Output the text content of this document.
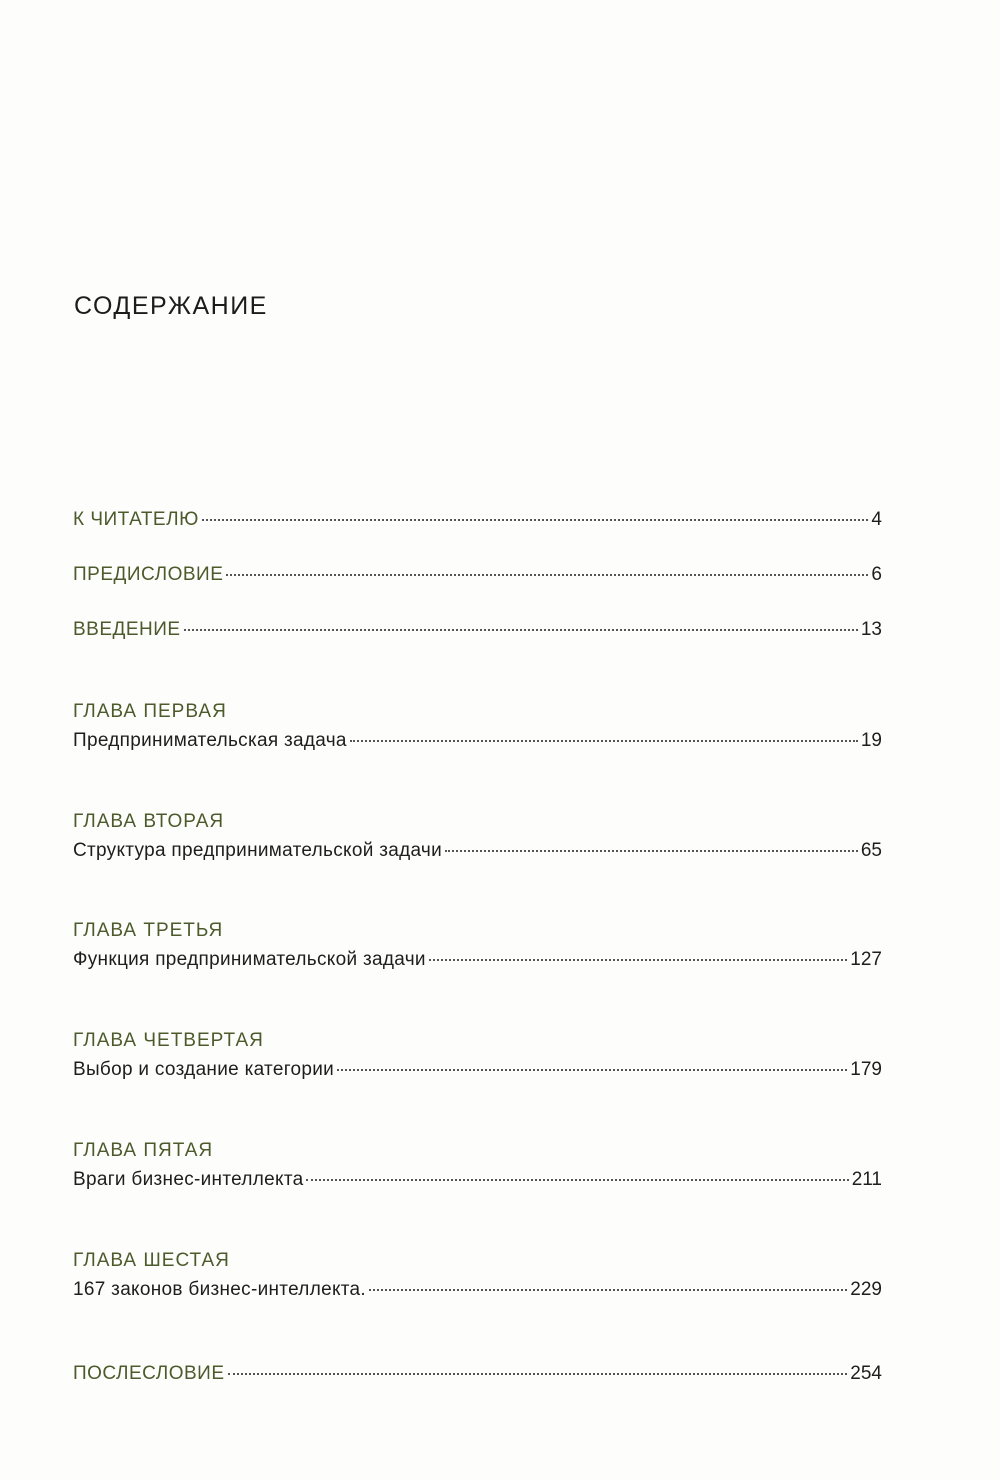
СОДЕРЖАНИЕ
К ЧИТАТЕЛЮ	4
ПРЕДИСЛОВИЕ	6
ВВЕДЕНИЕ	13
ГЛАВА ПЕРВАЯ
Предпринимательская задача	19
ГЛАВА ВТОРАЯ
Структура предпринимательской задачи	65
ГЛАВА ТРЕТЬЯ
Функция предпринимательской задачи	127
ГЛАВА ЧЕТВЕРТАЯ
Выбор и создание категории	179
ГЛАВА ПЯТАЯ
Враги бизнес-интеллекта	211
ГЛАВА ШЕСТАЯ
167 законов бизнес-интеллекта.	229
ПОСЛЕСЛОВИЕ	254
